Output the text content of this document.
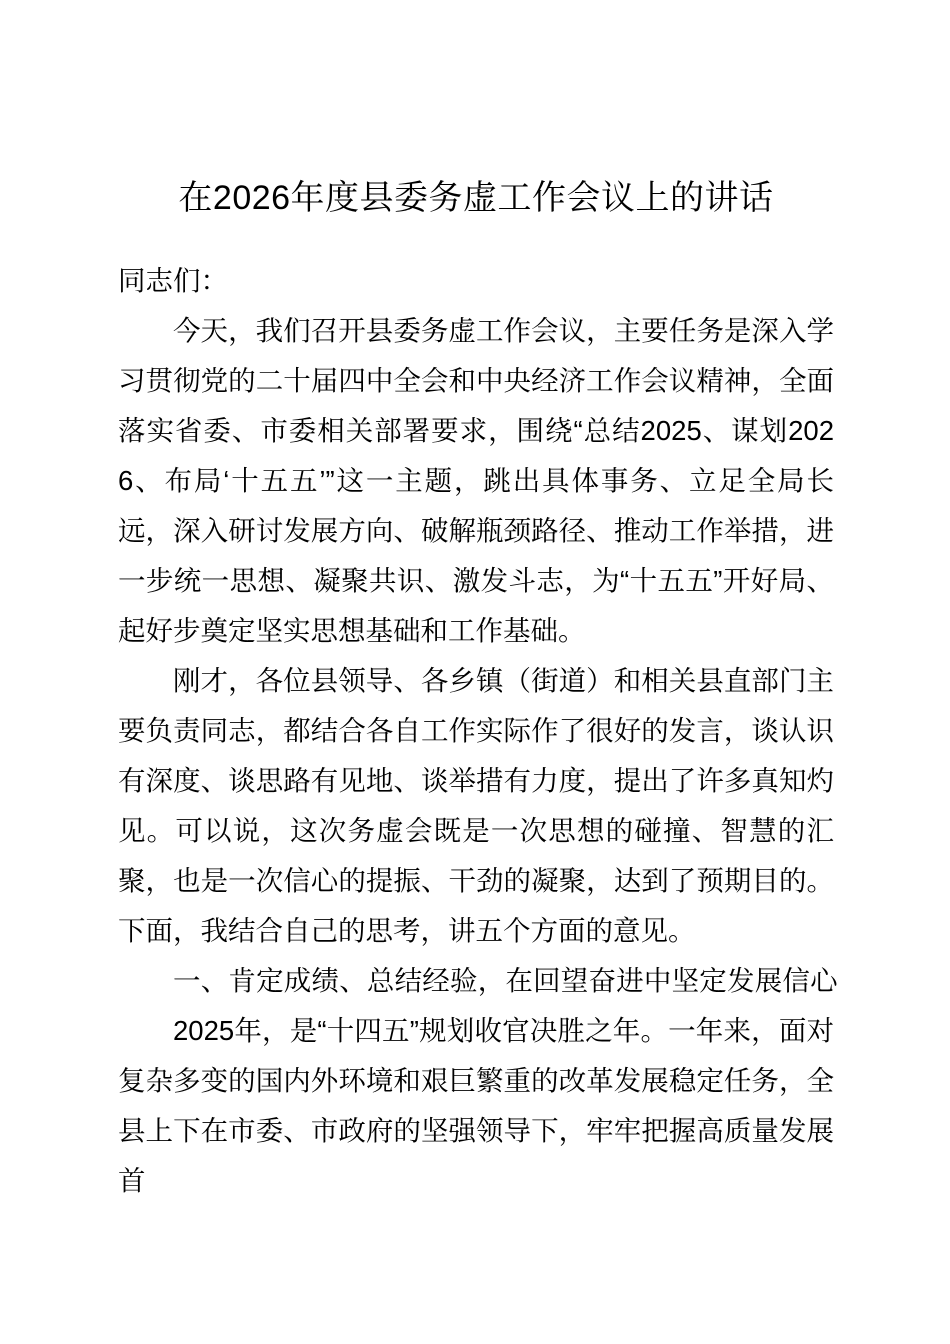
在2026年度县委务虚工作会议上的讲话

同志们：

今天，我们召开县委务虚工作会议，主要任务是深入学习贯彻党的二十届四中全会和中央经济工作会议精神，全面落实省委、市委相关部署要求，围绕“总结2025、谋划2026、布局‘十五五’”这一主题，跳出具体事务、立足全局长远，深入研讨发展方向、破解瓶颈路径、推动工作举措，进一步统一思想、凝聚共识、激发斗志，为“十五五”开好局、起好步奠定坚实思想基础和工作基础。

刚才，各位县领导、各乡镇（街道）和相关县直部门主要负责同志，都结合各自工作实际作了很好的发言，谈认识有深度、谈思路有见地、谈举措有力度，提出了许多真知灼见。可以说，这次务虚会既是一次思想的碰撞、智慧的汇聚，也是一次信心的提振、干劲的凝聚，达到了预期目的。下面，我结合自己的思考，讲五个方面的意见。

一、肯定成绩、总结经验，在回望奋进中坚定发展信心

2025年，是“十四五”规划收官决胜之年。一年来，面对复杂多变的国内外环境和艰巨繁重的改革发展稳定任务，全县上下在市委、市政府的坚强领导下，牢牢把握高质量发展首
